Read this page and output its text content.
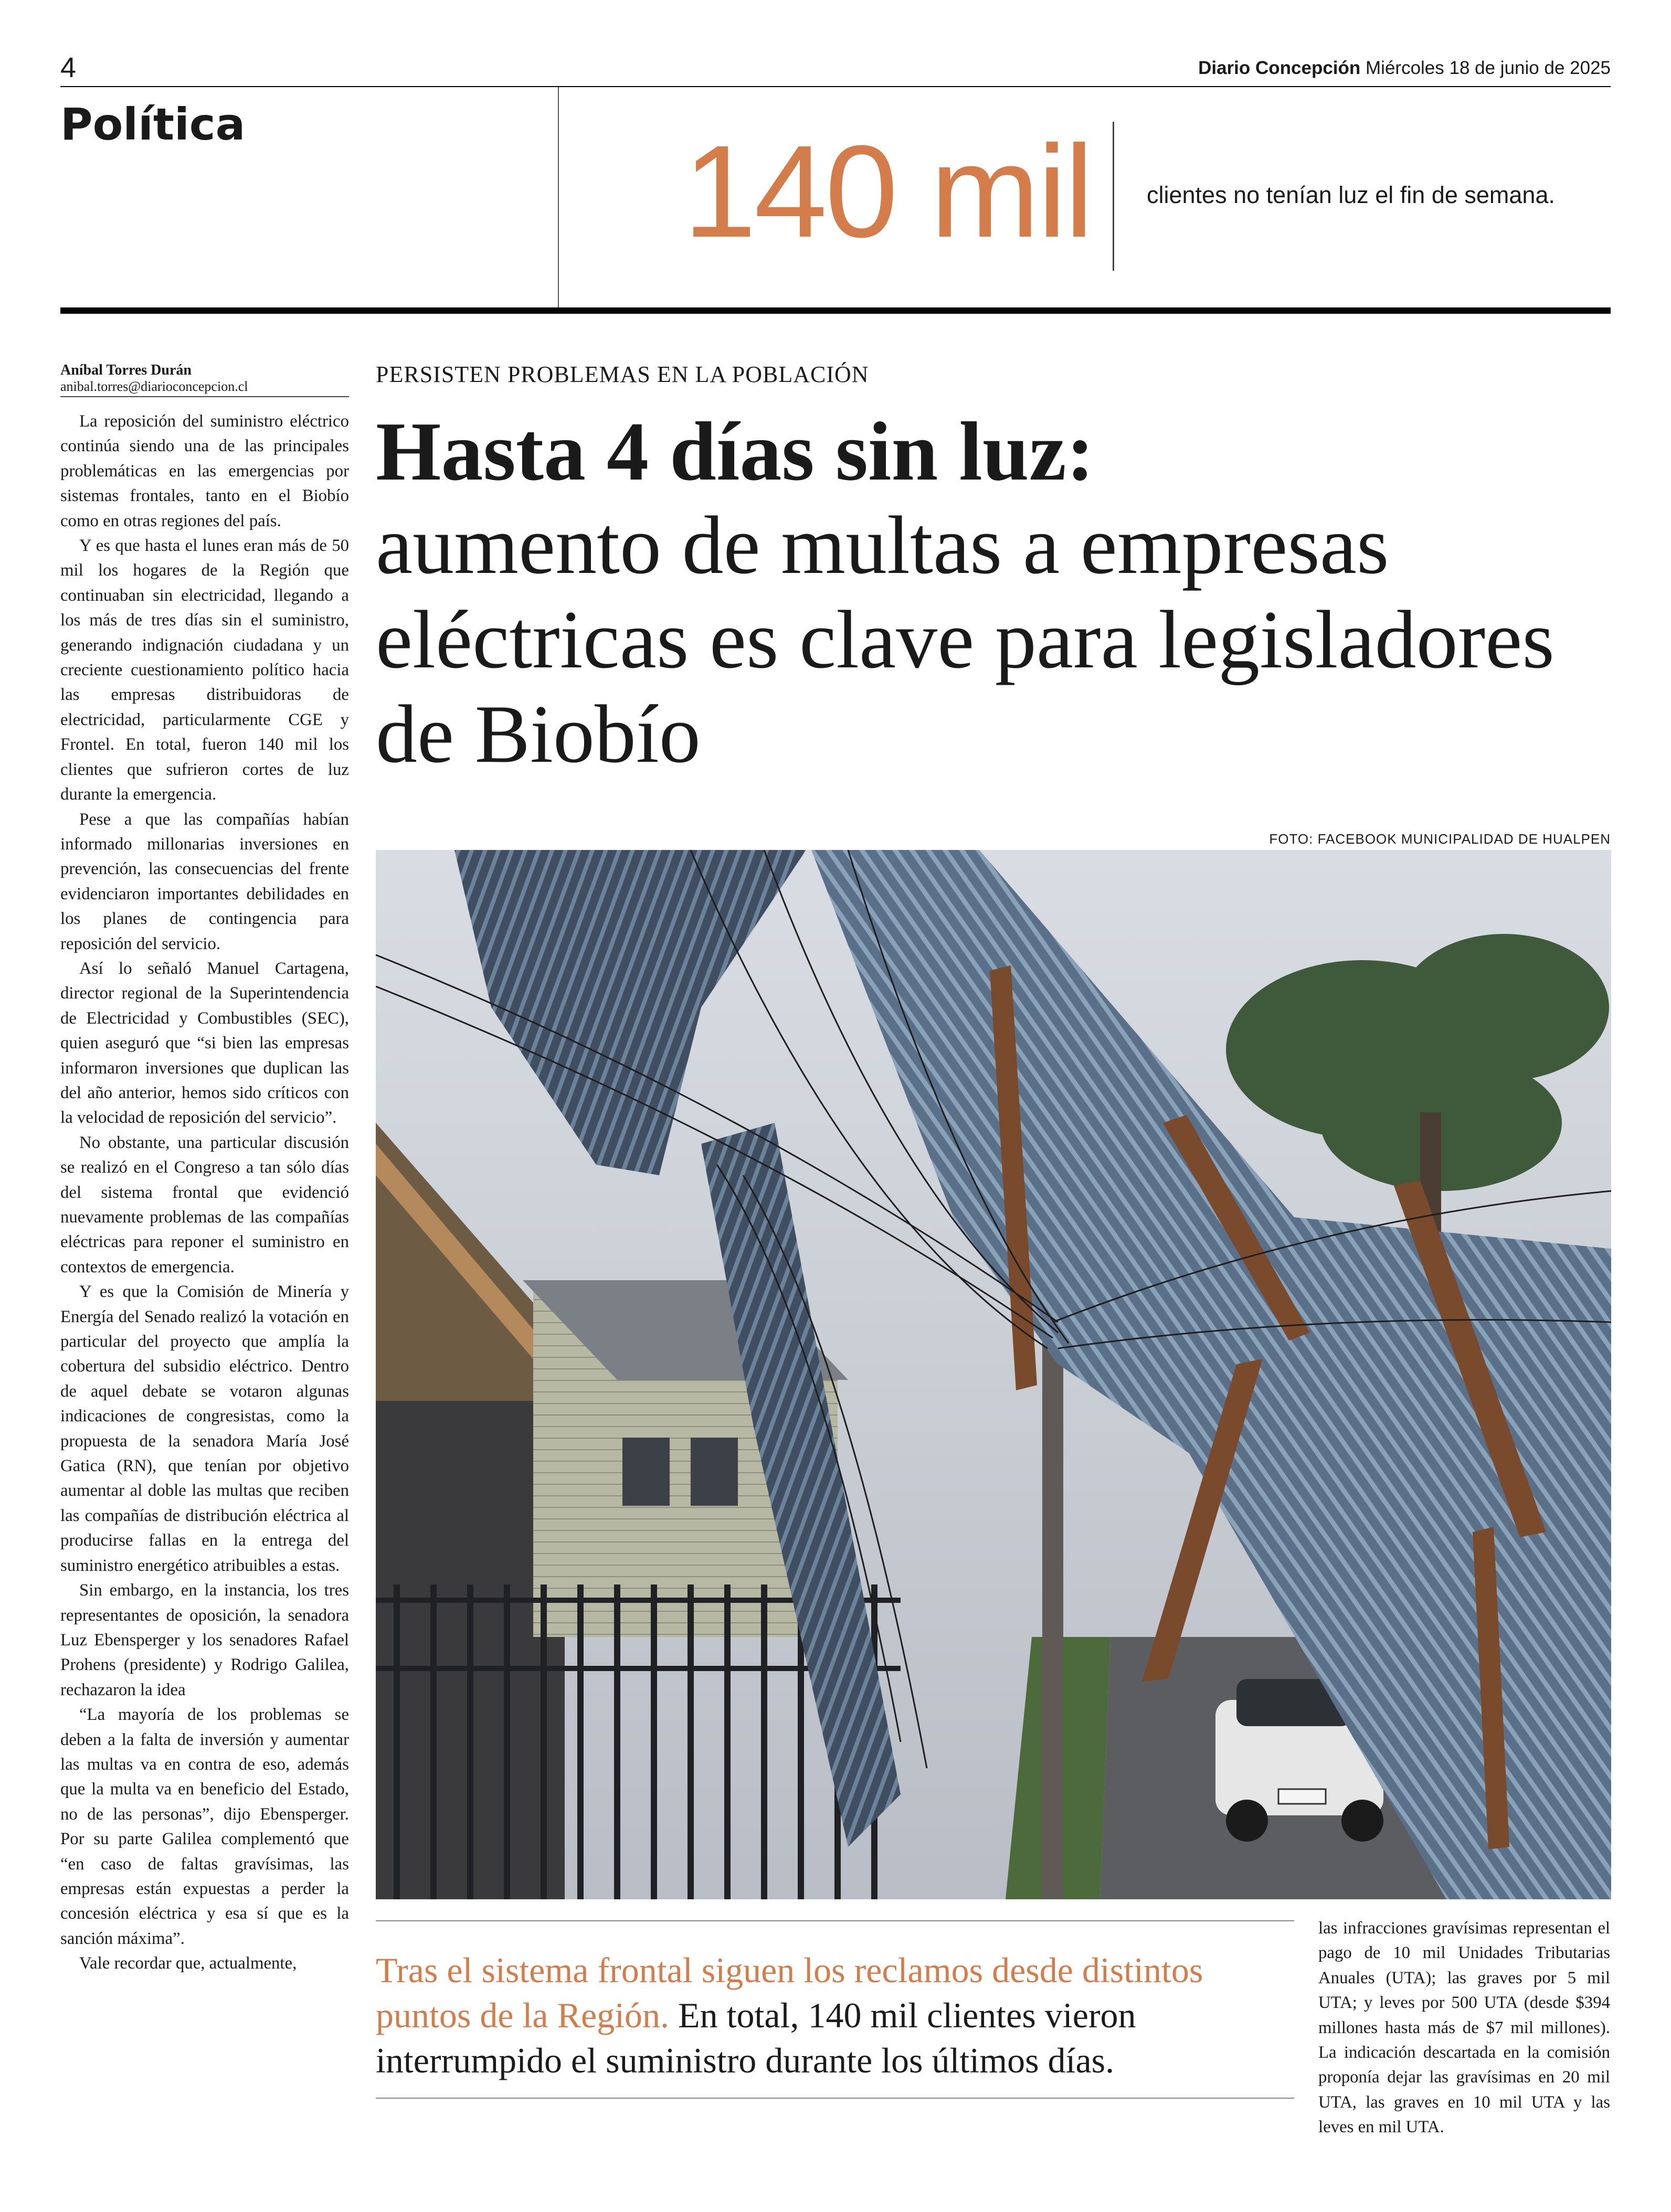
4	Diario Concepción Miércoles 18 de junio de 2025
Política	140 mil clientes no tenían luz el fin de semana.
Aníbal Torres Durán
anibal.torres@diarioconcepcion.cl

La reposición del suministro eléctrico continúa siendo una de las principales problemáticas en las emergencias por sistemas frontales, tanto en el Biobío como en otras regiones del país.

Y es que hasta el lunes eran más de 50 mil los hogares de la Región que continuaban sin electricidad, llegando a los más de tres días sin el suministro, generando indignación ciudadana y un creciente cuestionamiento político hacia las empresas distribuidoras de electricidad, particularmente CGE y Frontel. En total, fueron 140 mil los clientes que sufrieron cortes de luz durante la emergencia.

Pese a que las compañías habían informado millonarias inversiones en prevención, las consecuencias del frente evidenciaron importantes debilidades en los planes de contingencia para reposición del servicio.

Así lo señaló Manuel Cartagena, director regional de la Superintendencia de Electricidad y Combustibles (SEC), quien aseguró que “si bien las empresas informaron inversiones que duplican las del año anterior, hemos sido críticos con la velocidad de reposición del servicio”.

No obstante, una particular discusión se realizó en el Congreso a tan sólo días del sistema frontal que evidenció nuevamente problemas de las compañías eléctricas para reponer el suministro en contextos de emergencia.

Y es que la Comisión de Minería y Energía del Senado realizó la votación en particular del proyecto que amplía la cobertura del subsidio eléctrico. Dentro de aquel debate se votaron algunas indicaciones de congresistas, como la propuesta de la senadora María José Gatica (RN), que tenían por objetivo aumentar al doble las multas que reciben las compañías de distribución eléctrica al producirse fallas en la entrega del suministro energético atribuibles a estas.

Sin embargo, en la instancia, los tres representantes de oposición, la senadora Luz Ebensperger y los senadores Rafael Prohens (presidente) y Rodrigo Galilea, rechazaron la idea

“La mayoría de los problemas se deben a la falta de inversión y aumentar las multas va en contra de eso, además que la multa va en beneficio del Estado, no de las personas”, dijo Ebensperger. Por su parte Galilea complementó que “en caso de faltas gravísimas, las empresas están expuestas a perder la concesión eléctrica y esa sí que es la sanción máxima”.

Vale recordar que, actualmente,

PERSISTEN PROBLEMAS EN LA POBLACIÓN
Hasta 4 días sin luz:
aumento de multas a empresas eléctricas es clave para legisladores de Biobío
FOTO: FACEBOOK MUNICIPALIDAD DE HUALPEN
Tras el sistema frontal siguen los reclamos desde distintos puntos de la Región. En total, 140 mil clientes vieron interrumpido el suministro durante los últimos días.

las infracciones gravísimas representan el pago de 10 mil Unidades Tributarias Anuales (UTA); las graves por 5 mil UTA; y leves por 500 UTA (desde $394 millones hasta más de $7 mil millones). La indicación descartada en la comisión proponía dejar las gravísimas en 20 mil UTA, las graves en 10 mil UTA y las leves en mil UTA.
